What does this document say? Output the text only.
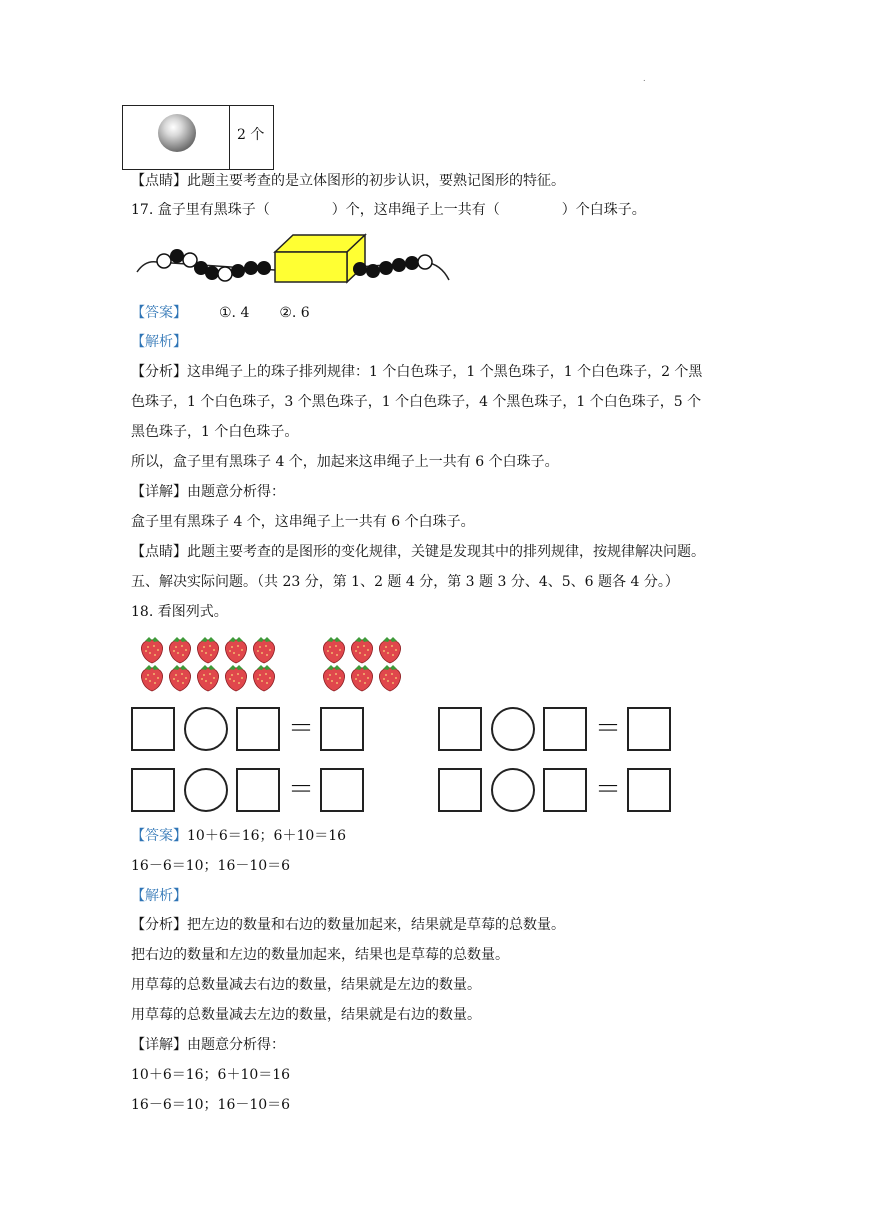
.
2 个
【点睛】此题主要考查的是立体图形的初步认识，要熟记图形的特征。
17. 盒子里有黑珠子（	）个，这串绳子上一共有（	）个白珠子。
【答案】 ①. 4 ②. 6
【解析】
【分析】这串绳子上的珠子排列规律：1 个白色珠子，1 个黑色珠子，1 个白色珠子，2 个黑
色珠子，1 个白色珠子，3 个黑色珠子，1 个白色珠子，4 个黑色珠子，1 个白色珠子，5 个
黑色珠子，1 个白色珠子。
所以，盒子里有黑珠子 4 个，加起来这串绳子上一共有 6 个白珠子。
【详解】由题意分析得：
盒子里有黑珠子 4 个，这串绳子上一共有 6 个白珠子。
【点睛】此题主要考查的是图形的变化规律，关键是发现其中的排列规律，按规律解决问题。
五、解决实际问题。（共 23 分，第 1、2 题 4 分，第 3 题 3 分、4、5、6 题各 4 分。）
18. 看图列式。
＝	＝
＝	＝
【答案】10＋6＝16；6＋10＝16
16－6＝10；16－10＝6
【解析】
【分析】把左边的数量和右边的数量加起来，结果就是草莓的总数量。
把右边的数量和左边的数量加起来，结果也是草莓的总数量。
用草莓的总数量减去右边的数量，结果就是左边的数量。
用草莓的总数量减去左边的数量，结果就是右边的数量。
【详解】由题意分析得：
10＋6＝16；6＋10＝16
16－6＝10；16－10＝6
